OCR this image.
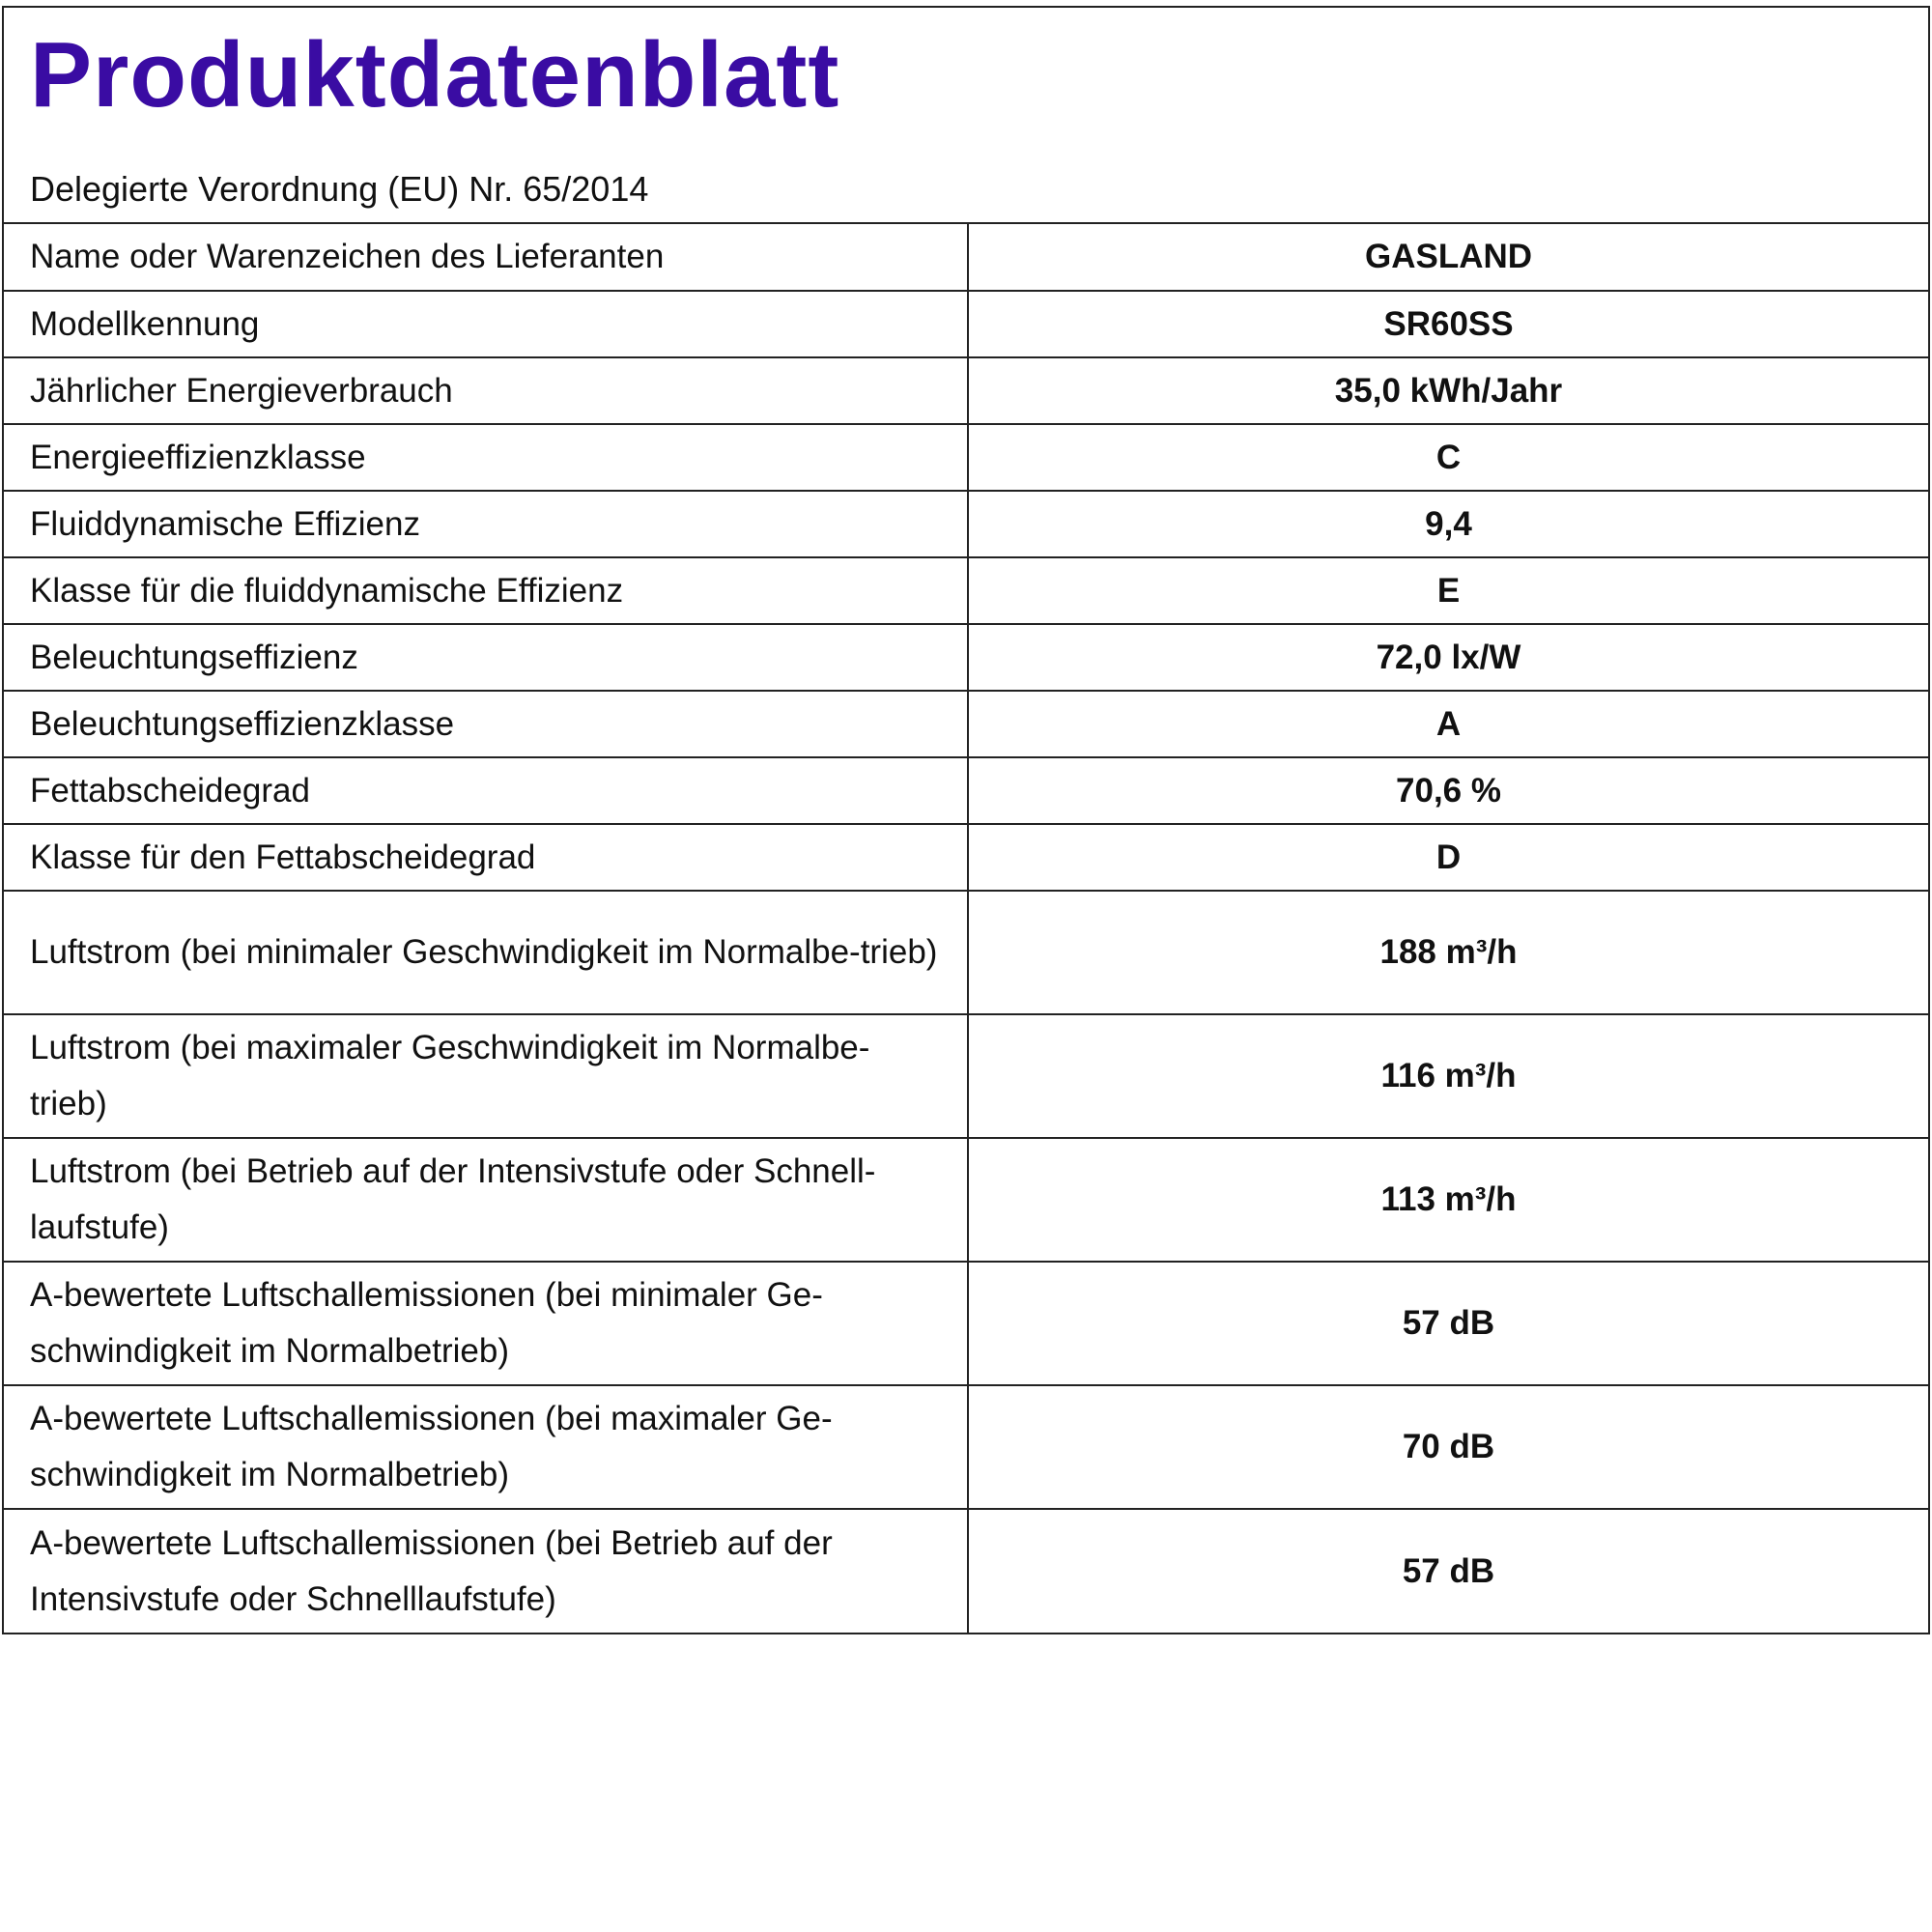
Produktdatenblatt
Delegierte Verordnung (EU) Nr. 65/2014
Name oder Warenzeichen des Lieferanten	GASLAND
Modellkennung	SR60SS
Jährlicher Energieverbrauch	35,0 kWh/Jahr
Energieeffizienzklasse	C
Fluiddynamische Effizienz	9,4
Klasse für die fluiddynamische Effizienz	E
Beleuchtungseffizienz	72,0 lx/W
Beleuchtungseffizienzklasse	A
Fettabscheidegrad	70,6 %
Klasse für den Fettabscheidegrad	D
Luftstrom (bei minimaler Geschwindigkeit im Normalbe-trieb)	188 m³/h
Luftstrom (bei maximaler Geschwindigkeit im Normalbe-trieb)	116 m³/h
Luftstrom (bei Betrieb auf der Intensivstufe oder Schnell-laufstufe)	113 m³/h
A-bewertete Luftschallemissionen (bei minimaler Ge-schwindigkeit im Normalbetrieb)	57 dB
A-bewertete Luftschallemissionen (bei maximaler Ge-schwindigkeit im Normalbetrieb)	70 dB
A-bewertete Luftschallemissionen (bei Betrieb auf der Intensivstufe oder Schnelllaufstufe)	57 dB
